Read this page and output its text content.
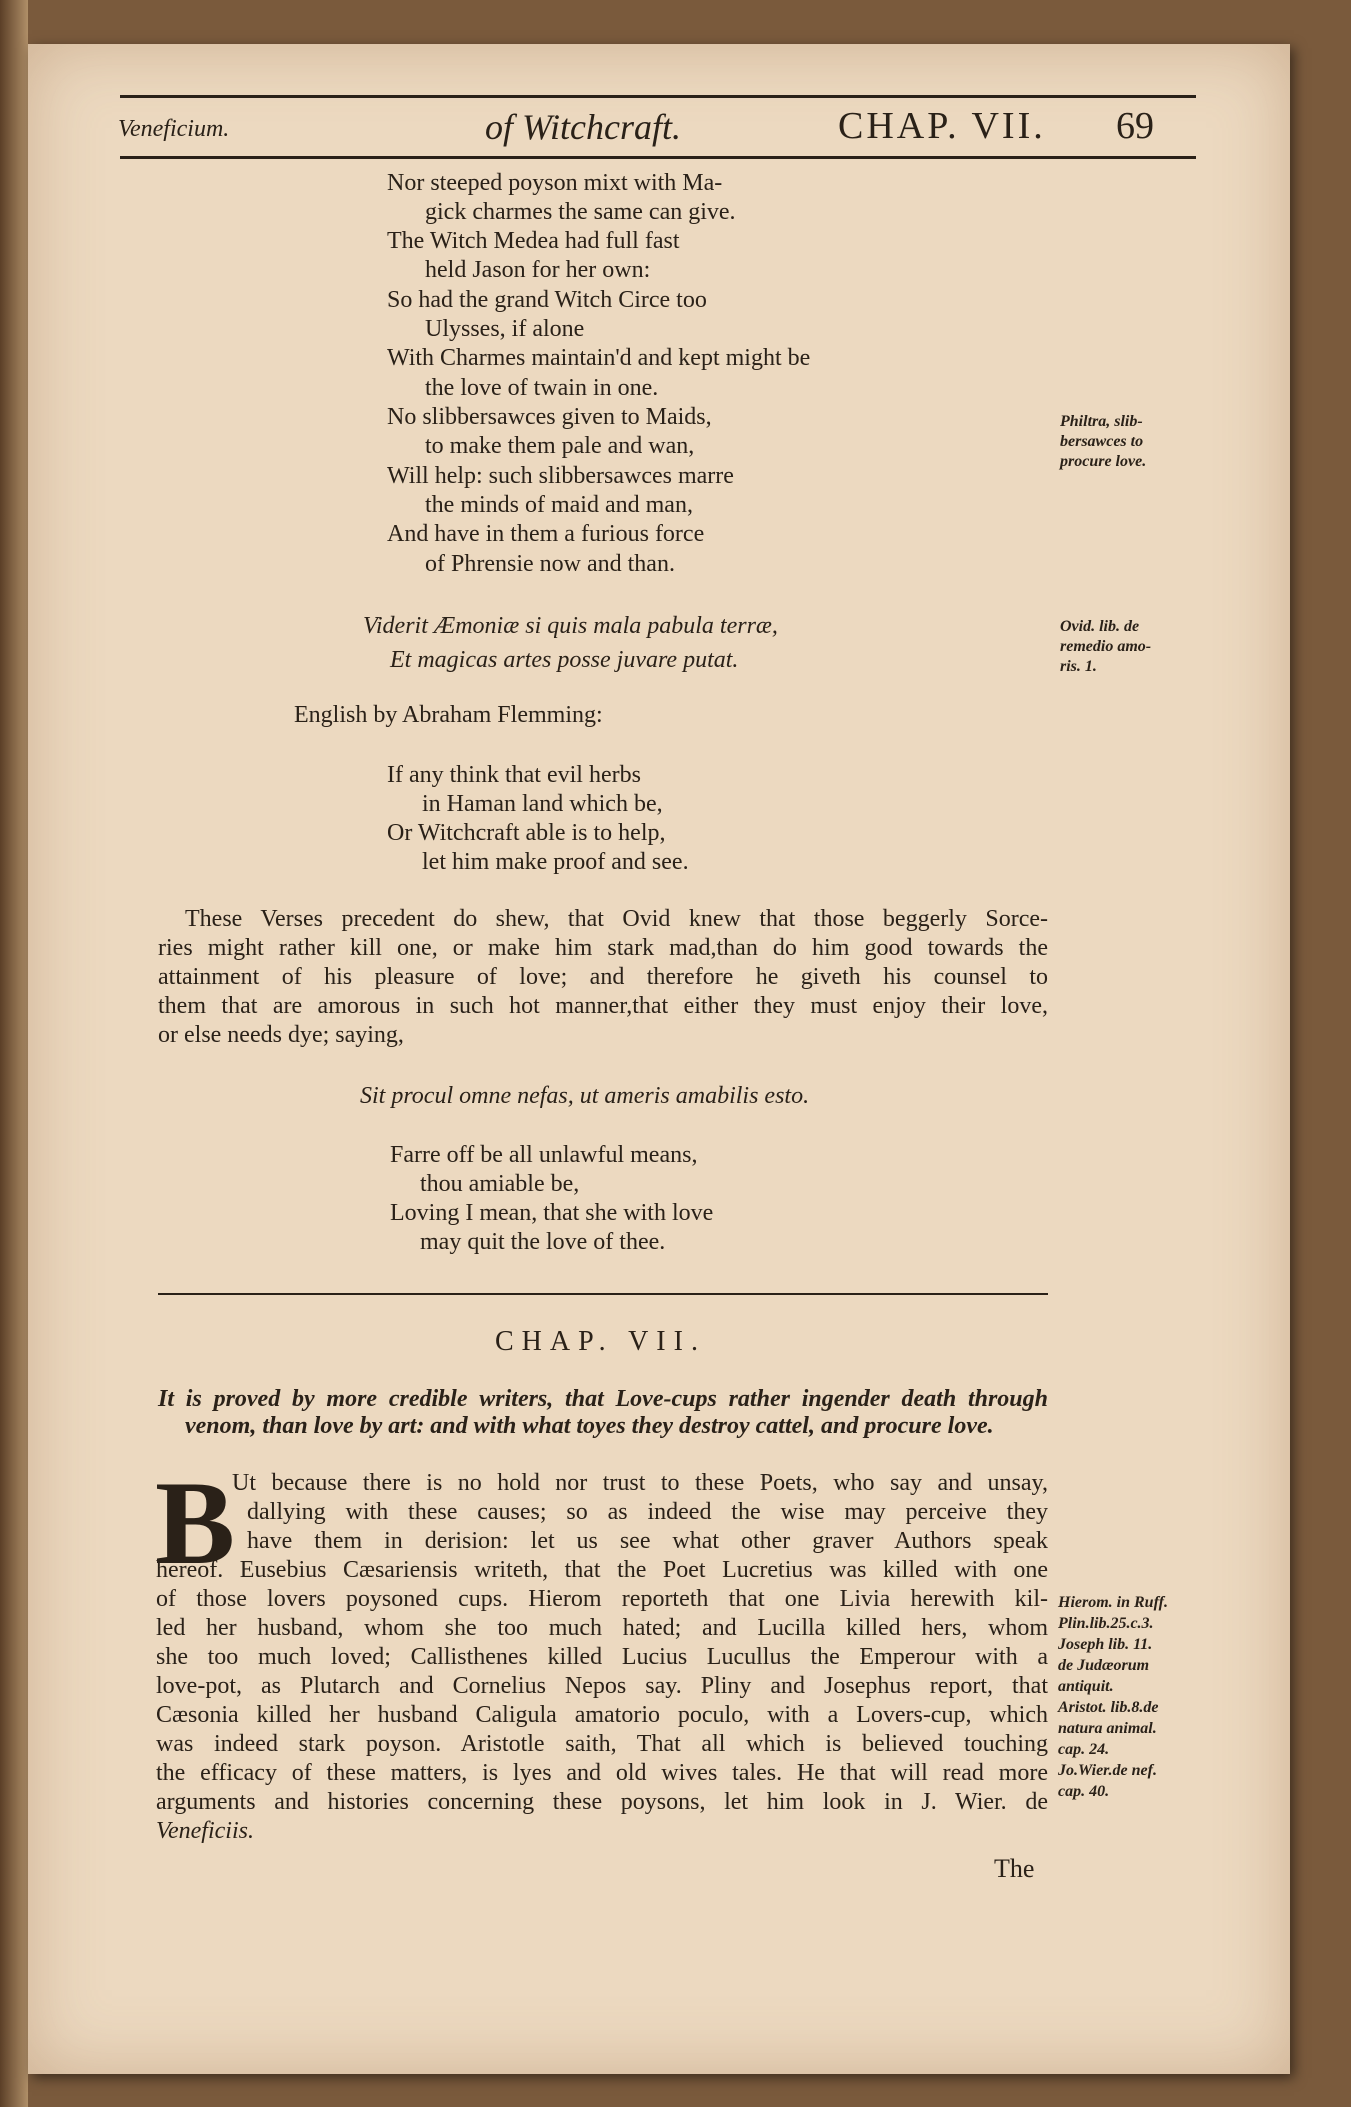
Veneficium.	of Witchcraft.	CHAP. VII. 69
Nor steeped poyson mixt with Ma-
gick charmes the same can give.
The Witch Medea had full fast
held Jason for her own:
So had the grand Witch Circe too
Ulysses, if alone
With Charmes maintain'd and kept might be
the love of twain in one.
No slibbersawces given to Maids,
to make them pale and wan,
Will help: such slibbersawces marre
the minds of maid and man,
And have in them a furious force
of Phrensie now and than.
Philtra, slib-
bersawces to
procure love.
Viderit Æmoniæ si quis mala pabula terræ,
Et magicas artes posse juvare putat.
Ovid. lib. de
remedio amo-
ris. 1.
English by Abraham Flemming:
If any think that evil herbs
in Haman land which be,
Or Witchcraft able is to help,
let him make proof and see.
These Verses precedent do shew, that Ovid knew that those beggerly Sorce-
ries might rather kill one, or make him stark mad,than do him good towards the
attainment of his pleasure of love; and therefore he giveth his counsel to
them that are amorous in such hot manner,that either they must enjoy their love,
or else needs dye; saying,
Sit procul omne nefas, ut ameris amabilis esto.
Farre off be all unlawful means,
thou amiable be,
Loving I mean, that she with love
may quit the love of thee.
CHAP. VII.
It is proved by more credible writers, that Love-cups rather ingender death through
venom, than love by art: and with what toyes they destroy cattel, and procure love.
B
Ut because there is no hold nor trust to these Poets, who say and unsay,
dallying with these causes; so as indeed the wise may perceive they
have them in derision: let us see what other graver Authors speak
hereof. Eusebius Cæsariensis writeth, that the Poet Lucretius was killed with one
of those lovers poysoned cups. Hierom reporteth that one Livia herewith kil-
led her husband, whom she too much hated; and Lucilla killed hers, whom
she too much loved; Callisthenes killed Lucius Lucullus the Emperour with a
love-pot, as Plutarch and Cornelius Nepos say. Pliny and Josephus report, that
Cæsonia killed her husband Caligula amatorio poculo, with a Lovers-cup, which
was indeed stark poyson. Aristotle saith, That all which is believed touching
the efficacy of these matters, is lyes and old wives tales. He that will read more
arguments and histories concerning these poysons, let him look in J. Wier. de
Veneficiis.
Hierom. in Ruff.
Plin.lib.25.c.3.
Joseph lib. 11.
de Judæorum
antiquit.
Aristot. lib.8.de
natura animal.
cap. 24.
Jo.Wier.de nef.
cap. 40.
The
